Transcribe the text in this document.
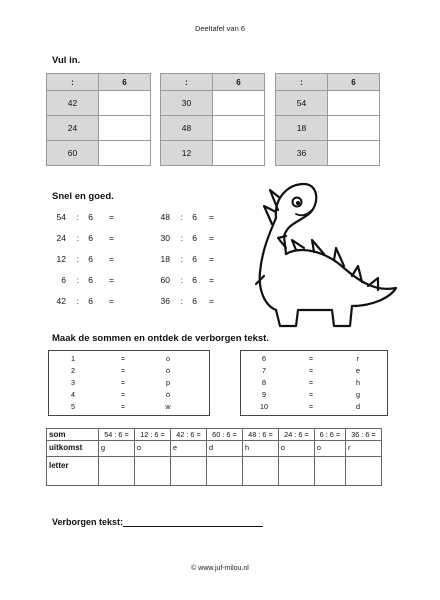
Deeltafel van 6
Vul in.
:	6
42	
24	
60	
:	6
30	
48	
12	
:	6
54	
18	
36	
Snel en goed.
54	:	6	=
24	:	6	=
12	:	6	=
6	:	6	=
42	:	6	=
48	:	6	=
30	:	6	=
18	:	6	=
60	:	6	=
36	:	6	=
Maak de sommen en ontdek de verborgen tekst.
1	=	o
2	=	o
3	=	p
4	=	o
5	=	w
6	=	r
7	=	e
8	=	h
9	=	g
10	=	d
som	54 : 6 =	12 : 6 =	42 : 6 =	60 : 6 =	48 : 6 =	24 : 6 =	6 : 6 =	36 : 6 =
uitkomst	g	o	e	d	h	o	o	r
letter								
Verborgen tekst:
© www.juf-milou.nl
